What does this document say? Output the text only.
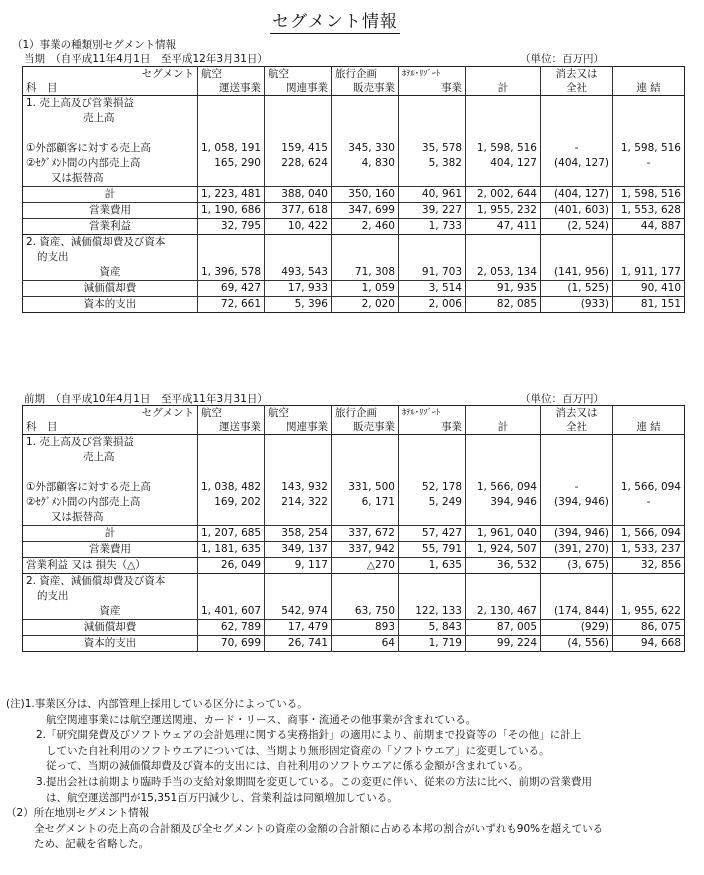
セグメント情報
（1）事業の種類別セグメント情報
当期　（自平成11年4月1日　至平成12年3月31日）	（単位：百万円）
セグメント	航空	航空	旅行企画	ﾎﾃﾙ･ﾘｿﾞｰﾄ		消去又は	
科　目	運送事業	関連事業	販売事業	事業	計	全社	連 結
1. 売上高及び営業損益							
売上高							

①外部顧客に対する売上高	1, 058, 191	159, 415	345, 330	35, 578	1, 598, 516	-	1, 598, 516
②ｾｸﾞﾒﾝﾄ間の内部売上高	165, 290	228, 624	4, 830	5, 382	404, 127	(404, 127)	-
又は振替高							
計	1, 223, 481	388, 040	350, 160	40, 961	2, 002, 644	(404, 127)	1, 598, 516
営業費用	1, 190, 686	377, 618	347, 699	39, 227	1, 955, 232	(401, 603)	1, 553, 628
営業利益	32, 795	10, 422	2, 460	1, 733	47, 411	(2, 524)	44, 887
2. 資産、減価償却費及び資本							
的支出							
資産	1, 396, 578	493, 543	71, 308	91, 703	2, 053, 134	(141, 956)	1, 911, 177
減価償却費	69, 427	17, 933	1, 059	3, 514	91, 935	(1, 525)	90, 410
資本的支出	72, 661	5, 396	2, 020	2, 006	82, 085	(933)	81, 151
前期　（自平成10年4月1日　至平成11年3月31日）	（単位：百万円）
セグメント	航空	航空	旅行企画	ﾎﾃﾙ･ﾘｿﾞｰﾄ		消去又は	
科　目	運送事業	関連事業	販売事業	事業	計	全社	連 結
1. 売上高及び営業損益							
売上高							

①外部顧客に対する売上高	1, 038, 482	143, 932	331, 500	52, 178	1, 566, 094	-	1, 566, 094
②ｾｸﾞﾒﾝﾄ間の内部売上高	169, 202	214, 322	6, 171	5, 249	394, 946	(394, 946)	-
又は振替高							
計	1, 207, 685	358, 254	337, 672	57, 427	1, 961, 040	(394, 946)	1, 566, 094
営業費用	1, 181, 635	349, 137	337, 942	55, 791	1, 924, 507	(391, 270)	1, 533, 237
営業利益 又は 損失（△）	26, 049	9, 117	△270	1, 635	36, 532	(3, 675)	32, 856
2. 資産、減価償却費及び資本							
的支出							
資産	1, 401, 607	542, 974	63, 750	122, 133	2, 130, 467	(174, 844)	1, 955, 622
減価償却費	62, 789	17, 479	893	5, 843	87, 005	(929)	86, 075
資本的支出	70, 699	26, 741	64	1, 719	99, 224	(4, 556)	94, 668
(注)1.事業区分は、内部管理上採用している区分によっている。
航空関連事業には航空運送関連、カード・リース、商事・流通その他事業が含まれている。
2.「研究開発費及びソフトウェアの会計処理に関する実務指針」の適用により、前期まで投資等の「その他」に計上
していた自社利用のソフトウエアについては、当期より無形固定資産の「ソフトウエア」に変更している。
従って、当期の減価償却費及び資本的支出には、自社利用のソフトウエアに係る金額が含まれている。
3.提出会社は前期より臨時手当の支給対象期間を変更している。この変更に伴い、従来の方法に比べ、前期の営業費用
は、航空運送部門が15,351百万円減少し、営業利益は同額増加している。
（2）所在地別セグメント情報
全セグメントの売上高の合計額及び全セグメントの資産の金額の合計額に占める本邦の割合がいずれも90%を超えている
ため、記載を省略した。
